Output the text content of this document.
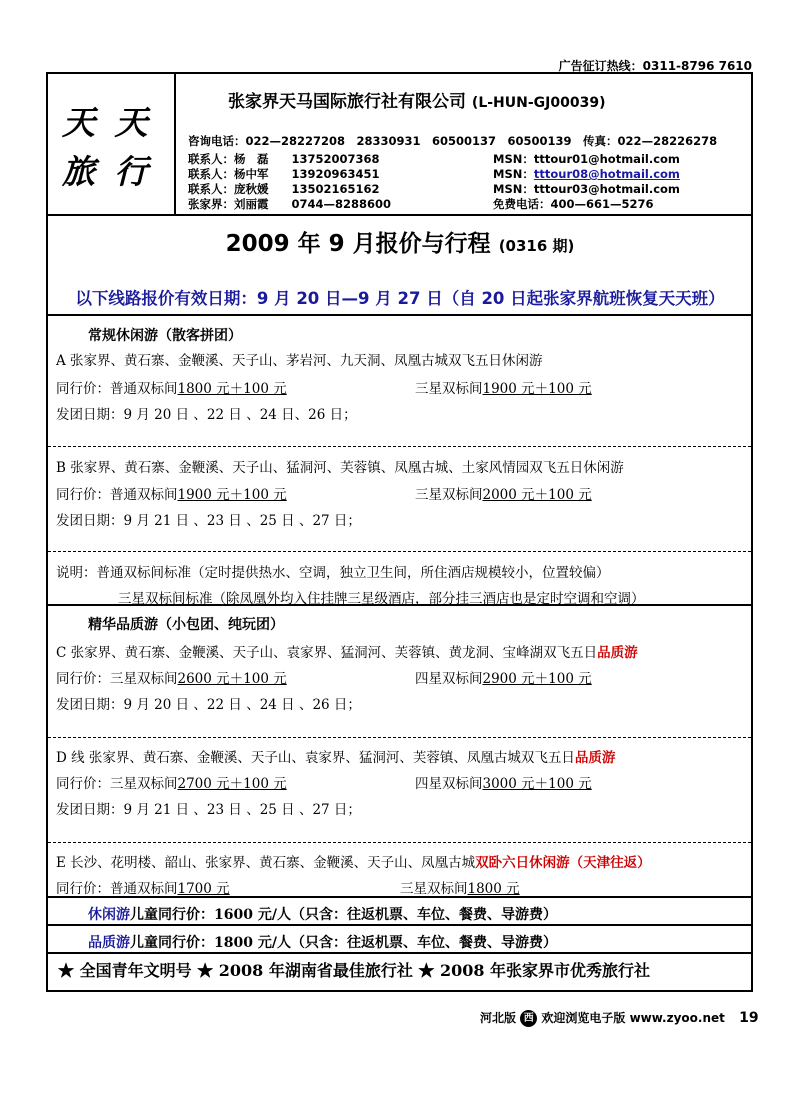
广告征订热线：0311-8796 7610
天 天
旅 行
张家界天马国际旅行社有限公司 (L-HUN-GJ00039)
咨询电话：022—28227208　28330931　60500137　60500139　传真：022—28226278
联系人：杨　磊　　13752007368	MSN：tttour01@hotmail.com
联系人：杨中军　　13920963451	MSN：tttour08@hotmail.com
联系人：庞秋媛　　13502165162	MSN：tttour03@hotmail.com
张家界：刘丽霞　　0744—8288600	免费电话：400—661—5276
2009 年 9 月报价与行程 (0316 期)
以下线路报价有效日期：9 月 20 日—9 月 27 日（自 20 日起张家界航班恢复天天班）
常规休闲游（散客拼团）
A 张家界、黄石寨、金鞭溪、天子山、茅岩河、九天洞、凤凰古城双飞五日休闲游
同行价：普通双标间1800 元＋100 元	三星双标间1900 元＋100 元
发团日期：9 月 20 日 、22 日 、24 日、26 日；
B 张家界、黄石寨、金鞭溪、天子山、猛洞河、芙蓉镇、凤凰古城、土家风情园双飞五日休闲游
同行价：普通双标间1900 元＋100 元	三星双标间2000 元＋100 元
发团日期：9 月 21 日 、23 日 、25 日 、27 日；
说明：普通双标间标准（定时提供热水、空调，独立卫生间，所住酒店规模较小，位置较偏）
三星双标间标准（除凤凰外均入住挂牌三星级酒店，部分挂三酒店也是定时空调和空调）
精华品质游（小包团、纯玩团）
C 张家界、黄石寨、金鞭溪、天子山、袁家界、猛洞河、芙蓉镇、黄龙洞、宝峰湖双飞五日品质游
同行价：三星双标间2600 元＋100 元	四星双标间2900 元＋100 元
发团日期：9 月 20 日 、22 日 、24 日 、26 日；
D 线 张家界、黄石寨、金鞭溪、天子山、袁家界、猛洞河、芙蓉镇、凤凰古城双飞五日品质游
同行价：三星双标间2700 元＋100 元	四星双标间3000 元＋100 元
发团日期：9 月 21 日 、23 日 、25 日 、27 日；
E 长沙、花明楼、韶山、张家界、黄石寨、金鞭溪、天子山、凤凰古城双卧六日休闲游（天津往返）
同行价：普通双标间1700 元	三星双标间1800 元
休闲游儿童同行价：1600 元/人（只含：往返机票、车位、餐费、导游费）
品质游儿童同行价：1800 元/人（只含：往返机票、车位、餐费、导游费）
★ 全国青年文明号 ★ 2008 年湖南省最佳旅行社 ★ 2008 年张家界市优秀旅行社
河北版 西 欢迎浏览电子版 www.zyoo.net 19
